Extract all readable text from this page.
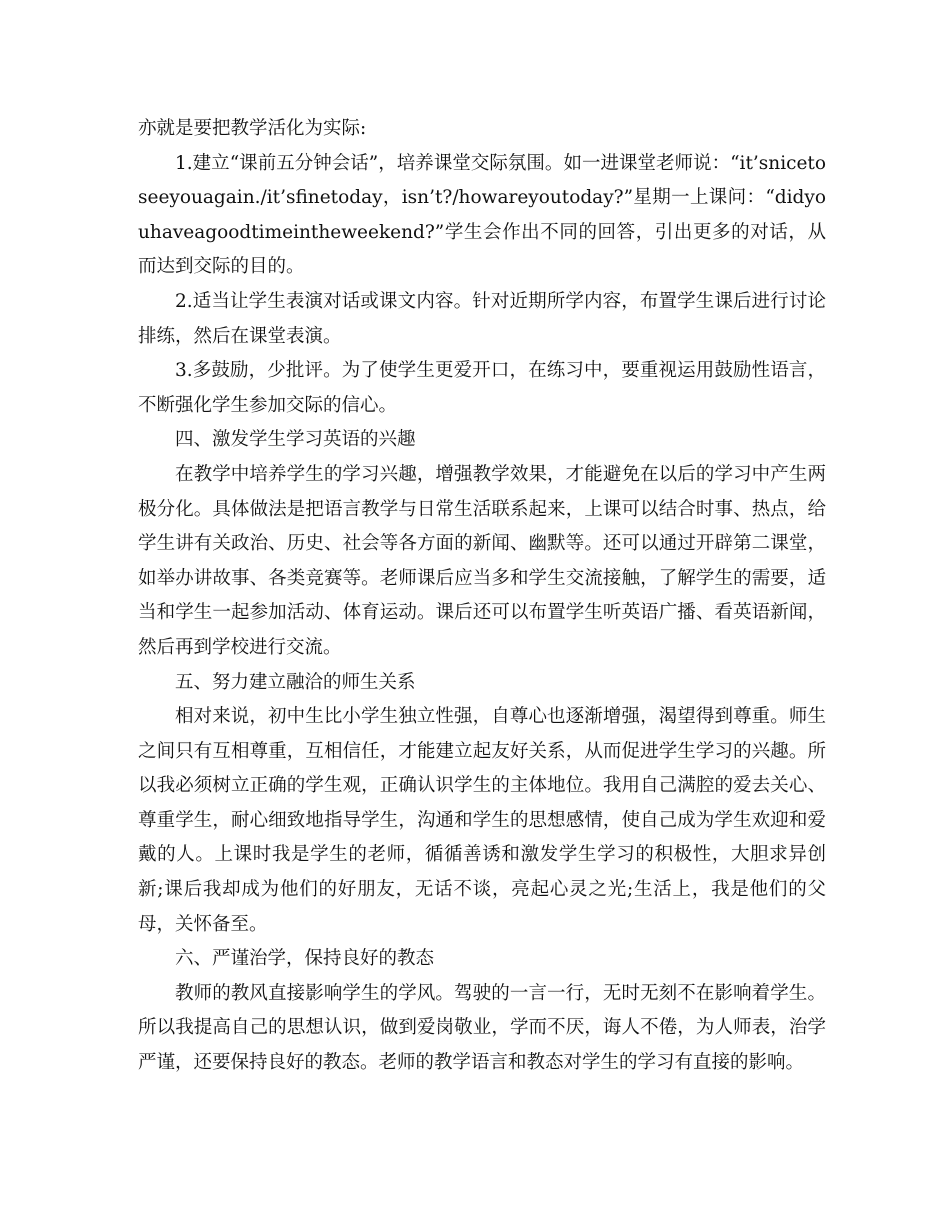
亦就是要把教学活化为实际:

1.建立“课前五分钟会话”，培养课堂交际氛围。如一进课堂老师说：“it’snicetoseeyouagain./it’sfinetoday，isn’t?/howareyoutoday?”星期一上课问：“didyouhaveagoodtimeintheweekend?”学生会作出不同的回答，引出更多的对话，从而达到交际的目的。

2.适当让学生表演对话或课文内容。针对近期所学内容，布置学生课后进行讨论排练，然后在课堂表演。

3.多鼓励，少批评。为了使学生更爱开口，在练习中，要重视运用鼓励性语言，不断强化学生参加交际的信心。

四、激发学生学习英语的兴趣

在教学中培养学生的学习兴趣，增强教学效果，才能避免在以后的学习中产生两极分化。具体做法是把语言教学与日常生活联系起来，上课可以结合时事、热点，给学生讲有关政治、历史、社会等各方面的新闻、幽默等。还可以通过开辟第二课堂，如举办讲故事、各类竞赛等。老师课后应当多和学生交流接触，了解学生的需要，适当和学生一起参加活动、体育运动。课后还可以布置学生听英语广播、看英语新闻，然后再到学校进行交流。

五、努力建立融洽的师生关系

相对来说，初中生比小学生独立性强，自尊心也逐渐增强，渴望得到尊重。师生之间只有互相尊重，互相信任，才能建立起友好关系，从而促进学生学习的兴趣。所以我必须树立正确的学生观，正确认识学生的主体地位。我用自己满腔的爱去关心、尊重学生，耐心细致地指导学生，沟通和学生的思想感情，使自己成为学生欢迎和爱戴的人。上课时我是学生的老师，循循善诱和激发学生学习的积极性，大胆求异创新;课后我却成为他们的好朋友，无话不谈，亮起心灵之光;生活上，我是他们的父母，关怀备至。

六、严谨治学，保持良好的教态

教师的教风直接影响学生的学风。驾驶的一言一行，无时无刻不在影响着学生。所以我提高自己的思想认识，做到爱岗敬业，学而不厌，诲人不倦，为人师表，治学严谨，还要保持良好的教态。老师的教学语言和教态对学生的学习有直接的影响。
